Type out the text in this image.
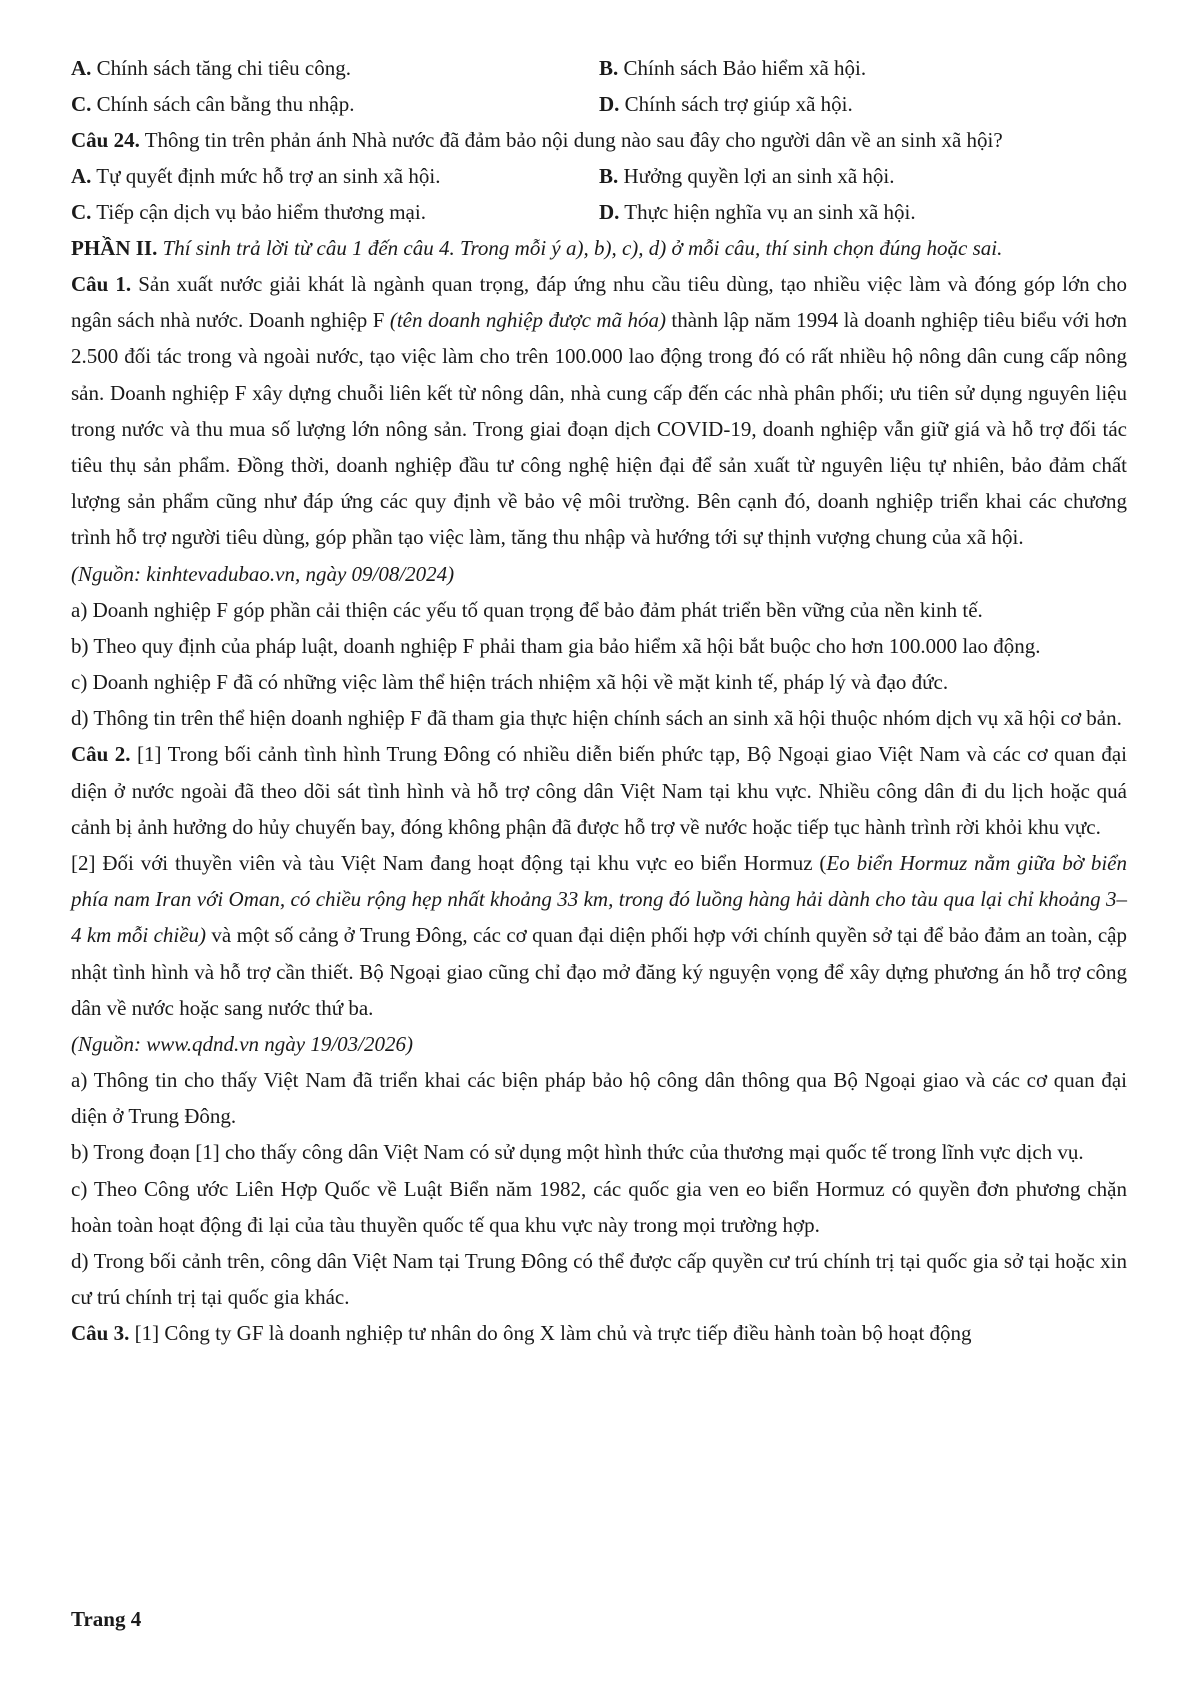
A. Chính sách tăng chi tiêu công.	B. Chính sách Bảo hiểm xã hội.
C. Chính sách cân bằng thu nhập.	D. Chính sách trợ giúp xã hội.
Câu 24. Thông tin trên phản ánh Nhà nước đã đảm bảo nội dung nào sau đây cho người dân về an sinh xã hội?
A. Tự quyết định mức hỗ trợ an sinh xã hội.	B. Hưởng quyền lợi an sinh xã hội.
C. Tiếp cận dịch vụ bảo hiểm thương mại.	D. Thực hiện nghĩa vụ an sinh xã hội.
PHẦN II. Thí sinh trả lời từ câu 1 đến câu 4. Trong mỗi ý a), b), c), d) ở mỗi câu, thí sinh chọn đúng hoặc sai.
Câu 1. Sản xuất nước giải khát là ngành quan trọng, đáp ứng nhu cầu tiêu dùng, tạo nhiều việc làm và đóng góp lớn cho ngân sách nhà nước. Doanh nghiệp F (tên doanh nghiệp được mã hóa) thành lập năm 1994 là doanh nghiệp tiêu biểu với hơn 2.500 đối tác trong và ngoài nước, tạo việc làm cho trên 100.000 lao động trong đó có rất nhiều hộ nông dân cung cấp nông sản. Doanh nghiệp F xây dựng chuỗi liên kết từ nông dân, nhà cung cấp đến các nhà phân phối; ưu tiên sử dụng nguyên liệu trong nước và thu mua số lượng lớn nông sản. Trong giai đoạn dịch COVID-19, doanh nghiệp vẫn giữ giá và hỗ trợ đối tác tiêu thụ sản phẩm. Đồng thời, doanh nghiệp đầu tư công nghệ hiện đại để sản xuất từ nguyên liệu tự nhiên, bảo đảm chất lượng sản phẩm cũng như đáp ứng các quy định về bảo vệ môi trường. Bên cạnh đó, doanh nghiệp triển khai các chương trình hỗ trợ người tiêu dùng, góp phần tạo việc làm, tăng thu nhập và hướng tới sự thịnh vượng chung của xã hội.
(Nguồn: kinhtevadubao.vn, ngày 09/08/2024)
a) Doanh nghiệp F góp phần cải thiện các yếu tố quan trọng để bảo đảm phát triển bền vững của nền kinh tế.
b) Theo quy định của pháp luật, doanh nghiệp F phải tham gia bảo hiểm xã hội bắt buộc cho hơn 100.000 lao động.
c) Doanh nghiệp F đã có những việc làm thể hiện trách nhiệm xã hội về mặt kinh tế, pháp lý và đạo đức.
d) Thông tin trên thể hiện doanh nghiệp F đã tham gia thực hiện chính sách an sinh xã hội thuộc nhóm dịch vụ xã hội cơ bản.
Câu 2. [1] Trong bối cảnh tình hình Trung Đông có nhiều diễn biến phức tạp, Bộ Ngoại giao Việt Nam và các cơ quan đại diện ở nước ngoài đã theo dõi sát tình hình và hỗ trợ công dân Việt Nam tại khu vực. Nhiều công dân đi du lịch hoặc quá cảnh bị ảnh hưởng do hủy chuyến bay, đóng không phận đã được hỗ trợ về nước hoặc tiếp tục hành trình rời khỏi khu vực.
[2] Đối với thuyền viên và tàu Việt Nam đang hoạt động tại khu vực eo biển Hormuz (Eo biển Hormuz nằm giữa bờ biển phía nam Iran với Oman, có chiều rộng hẹp nhất khoảng 33 km, trong đó luồng hàng hải dành cho tàu qua lại chỉ khoảng 3–4 km mỗi chiều) và một số cảng ở Trung Đông, các cơ quan đại diện phối hợp với chính quyền sở tại để bảo đảm an toàn, cập nhật tình hình và hỗ trợ cần thiết. Bộ Ngoại giao cũng chỉ đạo mở đăng ký nguyện vọng để xây dựng phương án hỗ trợ công dân về nước hoặc sang nước thứ ba.
(Nguồn: www.qdnd.vn ngày 19/03/2026)
a) Thông tin cho thấy Việt Nam đã triển khai các biện pháp bảo hộ công dân thông qua Bộ Ngoại giao và các cơ quan đại diện ở Trung Đông.
b) Trong đoạn [1] cho thấy công dân Việt Nam có sử dụng một hình thức của thương mại quốc tế trong lĩnh vực dịch vụ.
c) Theo Công ước Liên Hợp Quốc về Luật Biển năm 1982, các quốc gia ven eo biển Hormuz có quyền đơn phương chặn hoàn toàn hoạt động đi lại của tàu thuyền quốc tế qua khu vực này trong mọi trường hợp.
d) Trong bối cảnh trên, công dân Việt Nam tại Trung Đông có thể được cấp quyền cư trú chính trị tại quốc gia sở tại hoặc xin cư trú chính trị tại quốc gia khác.
Câu 3. [1] Công ty GF là doanh nghiệp tư nhân do ông X làm chủ và trực tiếp điều hành toàn bộ hoạt động
Trang 4
